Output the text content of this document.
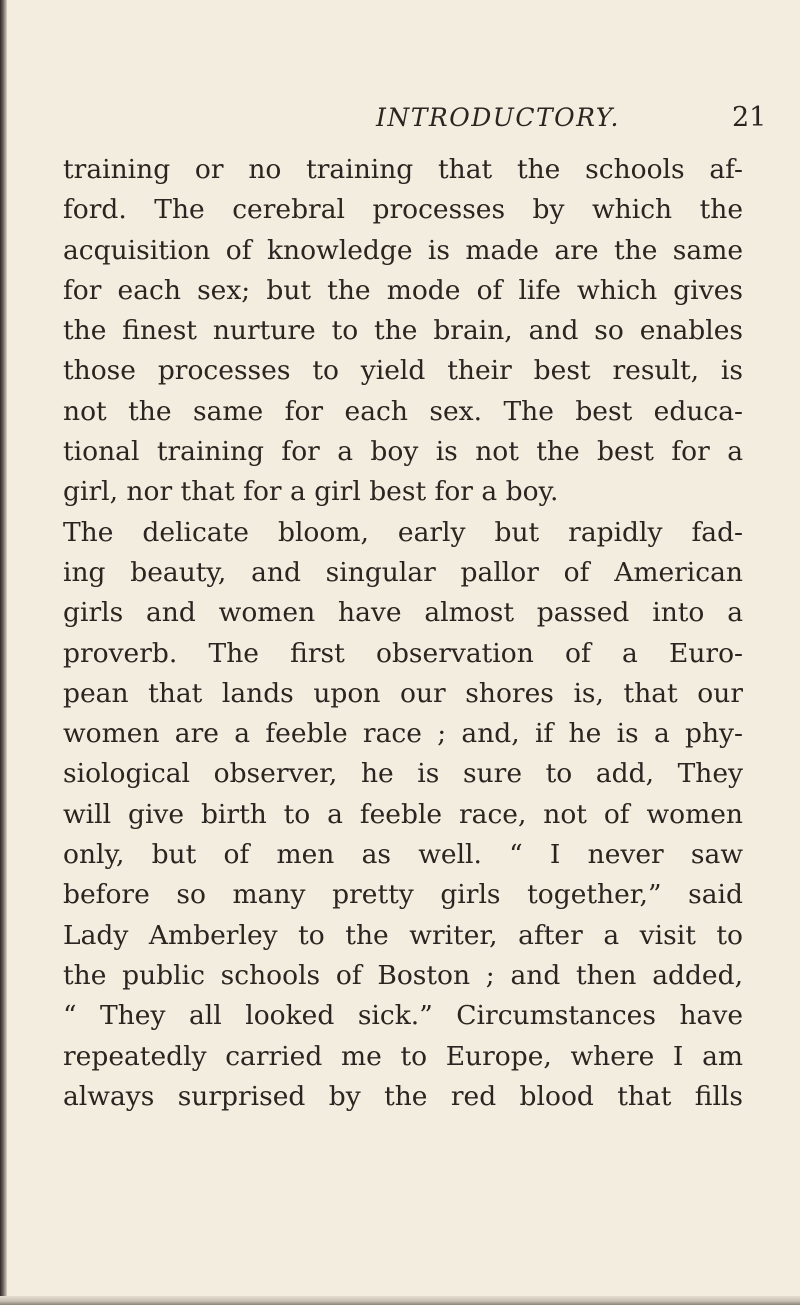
INTRODUCTORY.	21
training or no training that the schools af-
ford. The cerebral processes by which the
acquisition of knowledge is made are the same
for each sex; but the mode of life which gives
the finest nurture to the brain, and so enables
those processes to yield their best result, is
not the same for each sex. The best educa-
tional training for a boy is not the best for a
girl, nor that for a girl best for a boy.
The delicate bloom, early but rapidly fad-
ing beauty, and singular pallor of American
girls and women have almost passed into a
proverb. The first observation of a Euro-
pean that lands upon our shores is, that our
women are a feeble race ; and, if he is a phy-
siological observer, he is sure to add, They
will give birth to a feeble race, not of women
only, but of men as well. “ I never saw
before so many pretty girls together,” said
Lady Amberley to the writer, after a visit to
the public schools of Boston ; and then added,
“ They all looked sick.” Circumstances have
repeatedly carried me to Europe, where I am
always surprised by the red blood that fills
